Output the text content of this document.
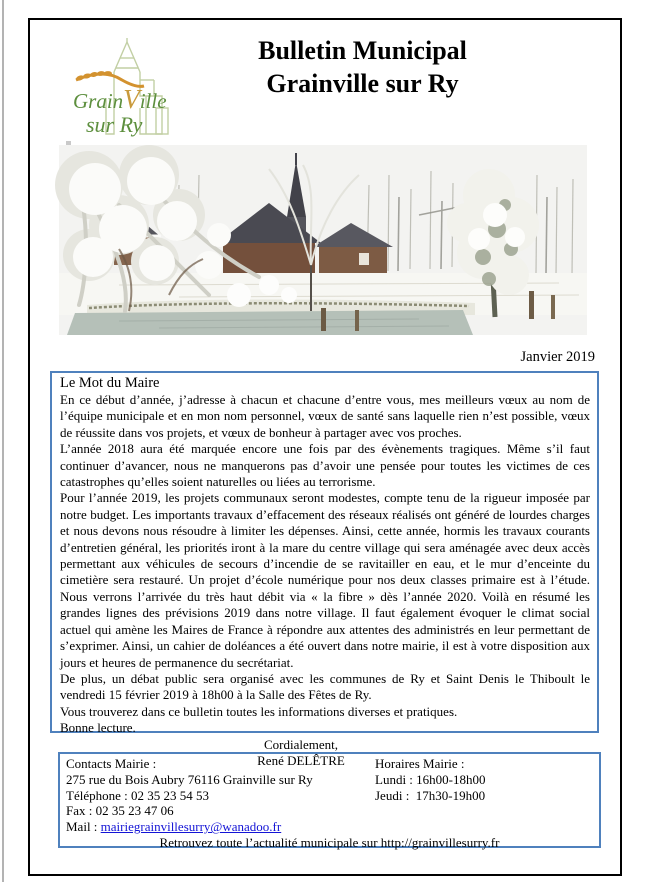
GrainVille
sur Ry
Bulletin Municipal
Grainville sur Ry
Janvier 2019
Le Mot du Maire

En ce début d’année, j’adresse à chacun et chacune d’entre vous, mes meilleurs vœux au nom de l’équipe municipale et en mon nom personnel, vœux de santé sans laquelle rien n’est possible, vœux de réussite dans vos projets, et vœux de bonheur à partager avec vos proches.

L’année 2018 aura été marquée encore une fois par des évènements tragiques. Même s’il faut continuer d’avancer, nous ne manquerons pas d’avoir une pensée pour toutes les victimes de ces catastrophes qu’elles soient naturelles ou liées au terrorisme.

Pour l’année 2019, les projets communaux seront modestes, compte tenu de la rigueur imposée par notre budget. Les importants travaux d’effacement des réseaux réalisés ont généré de lourdes charges et nous devons nous résoudre à limiter les dépenses. Ainsi, cette année, hormis les travaux courants d’entretien général, les priorités iront à la mare du centre village qui sera aménagée avec deux accès permettant aux véhicules de secours d’incendie de se ravitailler en eau, et le mur d’enceinte du cimetière sera restauré. Un projet d’école numérique pour nos deux classes primaire est à l’étude. Nous verrons l’arrivée du très haut débit via « la fibre » dès l’année 2020. Voilà en résumé les grandes lignes des prévisions 2019 dans notre village. Il faut également évoquer le climat social actuel qui amène les Maires de France à répondre aux attentes des administrés en leur permettant de s’exprimer. Ainsi, un cahier de doléances a été ouvert dans notre mairie, il est à votre disposition aux jours et heures de permanence du secrétariat.

De plus, un débat public sera organisé avec les communes de Ry et Saint Denis le Thiboult le vendredi 15 février 2019 à 18h00 à la Salle des Fêtes de Ry.

Vous trouverez dans ce bulletin toutes les informations diverses et pratiques.

Bonne lecture.

Cordialement,
René DELÊTRE
Contacts Mairie :
275 rue du Bois Aubry 76116 Grainville sur Ry
Téléphone : 02 35 23 54 53
Fax : 02 35 23 47 06
Mail : mairiegrainvillesurry@wanadoo.fr
Horaires Mairie :
Lundi : 16h00-18h00
Jeudi :  17h30-19h00
Retrouvez toute l’actualité municipale sur http://grainvillesurry.fr
